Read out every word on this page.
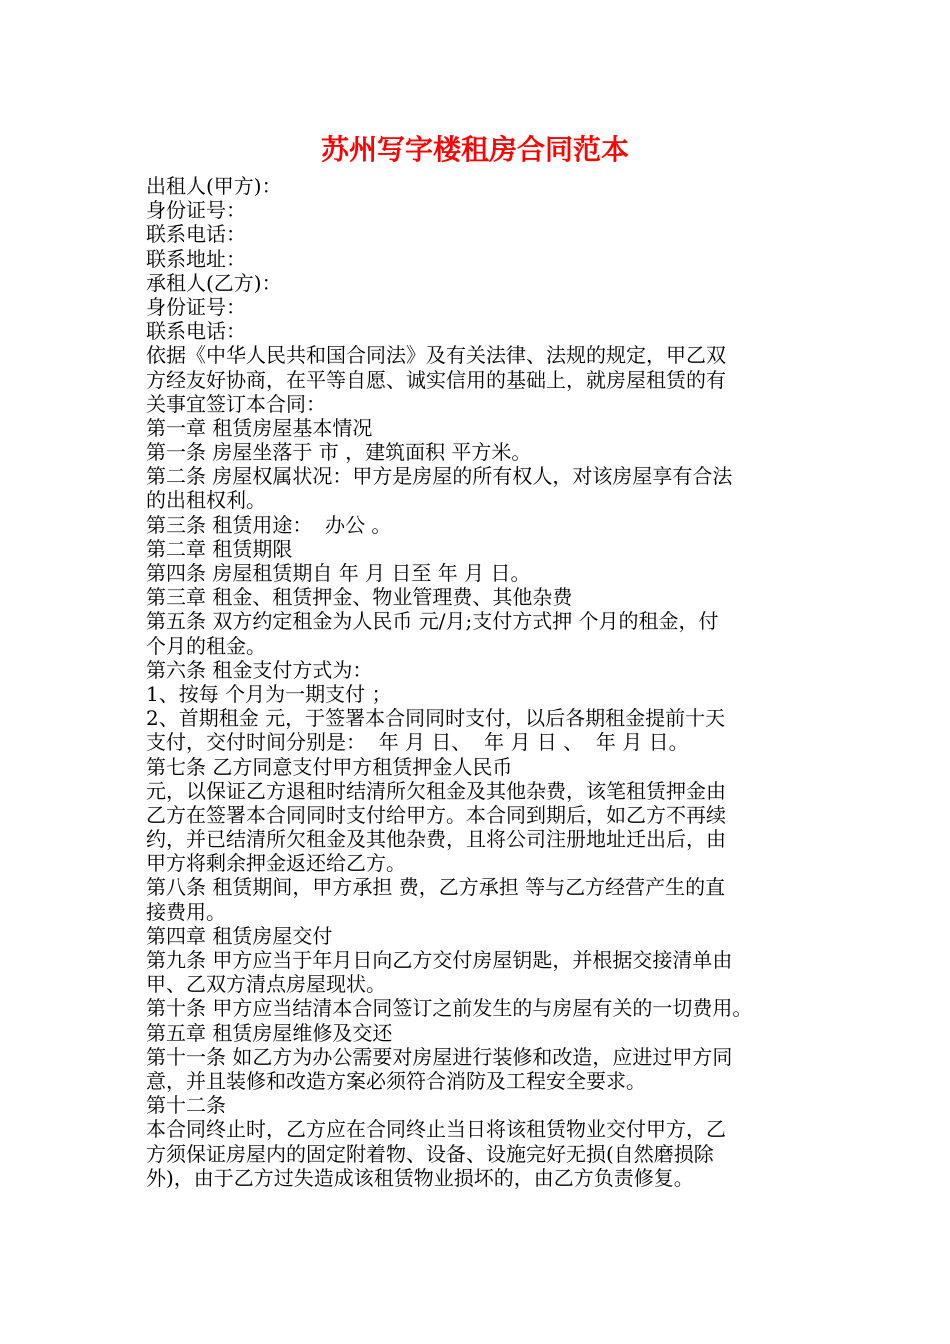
苏州写字楼租房合同范本
出租人(甲方)：
身份证号：
联系电话：
联系地址：
承租人(乙方)：
身份证号：
联系电话：
依据《中华人民共和国合同法》及有关法律、法规的规定，甲乙双
方经友好协商，在平等自愿、诚实信用的基础上，就房屋租赁的有
关事宜签订本合同：
第一章 租赁房屋基本情况
第一条 房屋坐落于 市 ，建筑面积 平方米。
第二条 房屋权属状况：甲方是房屋的所有权人，对该房屋享有合法
的出租权利。
第三条 租赁用途：  办公 。
第二章 租赁期限
第四条 房屋租赁期自 年 月 日至 年 月 日。
第三章 租金、租赁押金、物业管理费、其他杂费
第五条 双方约定租金为人民币 元/月;支付方式押 个月的租金，付
个月的租金。
第六条 租金支付方式为：
1、按每 个月为一期支付 ；
2、首期租金 元，于签署本合同同时支付，以后各期租金提前十天
支付，交付时间分别是：  年 月 日、  年 月 日 、  年 月 日。
第七条 乙方同意支付甲方租赁押金人民币
元，以保证乙方退租时结清所欠租金及其他杂费，该笔租赁押金由
乙方在签署本合同同时支付给甲方。本合同到期后，如乙方不再续
约，并已结清所欠租金及其他杂费，且将公司注册地址迁出后，由
甲方将剩余押金返还给乙方。
第八条 租赁期间，甲方承担 费，乙方承担 等与乙方经营产生的直
接费用。
第四章 租赁房屋交付
第九条 甲方应当于年月日向乙方交付房屋钥匙，并根据交接清单由
甲、乙双方清点房屋现状。
第十条 甲方应当结清本合同签订之前发生的与房屋有关的一切费用。
第五章 租赁房屋维修及交还
第十一条 如乙方为办公需要对房屋进行装修和改造，应进过甲方同
意，并且装修和改造方案必须符合消防及工程安全要求。
第十二条
本合同终止时，乙方应在合同终止当日将该租赁物业交付甲方，乙
方须保证房屋内的固定附着物、设备、设施完好无损(自然磨损除
外)，由于乙方过失造成该租赁物业损坏的，由乙方负责修复。
